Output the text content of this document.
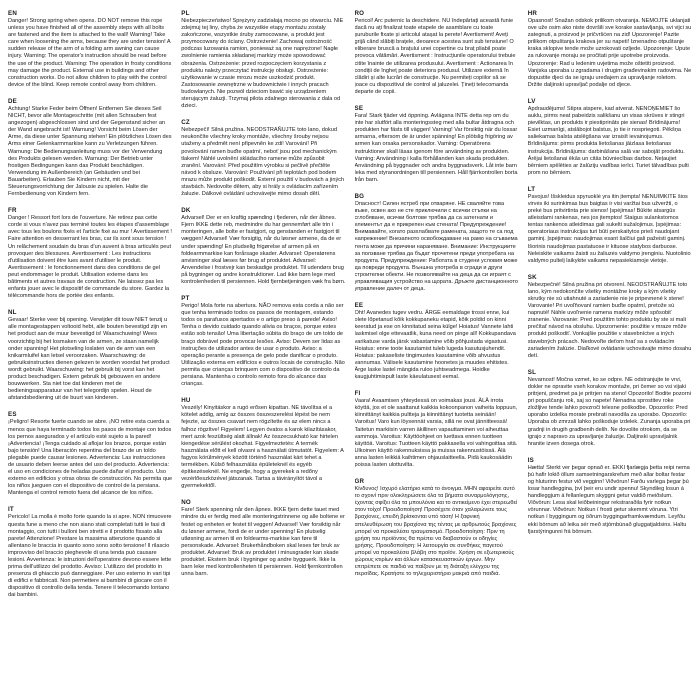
EN

Danger! Strong spring when opens. DO NOT remove this rope unless you have finished all of the assembly steps with all bolts are fastened and the item is attached to the wall! Warning! Take care when loosening the arms, because they are under tension! A sudden release of the arm of a folding arm awning can cause injury. Warning: The operator's instruction should be read before the use of the product. Warning: The operation in frosty conditions may damage the product. External use in buildings and other construction works. Do not allow children to play with the control device of the blind. Keep remote control away from children.

DE

Achtung! Starke Feder beim Öffnen! Entfernen Sie dieses Seil NICHT, bevor alle Montageschritte (mit allen Schrauben fest angezogen) abgeschlossen sind und der Gegenstand sicher an der Wand angebracht ist! Warnung! Vorsicht beim Lösen der Arme, da diese unter Spannung stehen! Ein plötzliches Lösen des Arms einer Gelenkarmmarkise kann zu Verletzungen führen. Warnung: Die Bedienungsanleitung muss vor der Verwendung des Produkts gelesen werden. Warnung: Der Betrieb unter frostigen Bedingungen kann das Produkt beschädigen. Verwendung im Außenbereich (an Gebäuden und bei Bauarbeiten). Erlauben Sie Kindern nicht, mit der Steuerungsvorrichtung der Jalousie zu spielen. Halte die Fernbedienung von Kindern fern.

FR

Danger ! Ressort fort lors de l'ouverture. Ne retirez pas cette corde si vous n'avez pas terminé toutes les étapes d'assemblage avec tous les boulons fixés et l'article fixé au mur ! Avertissement ! Faire attention en desserrant les bras, car ils sont sous tension ! Un relâchement soudain du bras d'un auvent à bras articulés peut provoquer des blessures. Avertissement : Les instructions d'utilisation doivent être lues avant d'utiliser le produit. Avertissement : le fonctionnement dans des conditions de gel peut endommager le produit. Utilisation externe dans les bâtiments et autres travaux de construction. Ne laissez pas les enfants jouer avec le dispositif de commande du store. Gardez la télécommande hors de portée des enfants.

NL

Gevaar! Sterke veer bij opening. Verwijder dit touw NIET tenzij u alle montagestappen voltooid hebt, alle bouten bevestigd zijn en het product aan de muur bevestigd is! Waarschuwing! Wees voorzichtig bij het losmaken van de armen, ze staan namelijk onder spanning! Het plotseling loslaten van de arm van een knikarmluifel kan letsel veroorzaken. Waarschuwing: de gebruiksinstructies dienen gelezen te worden voordat het product wordt gebruikt. Waarschuwing: het gebruik bij vorst kan het product beschadigen. Extern gebruik bij gebouwen en andere bouwwerken. Sta niet toe dat kinderen met de bedieningsapparatuur van het telegordijn spelen. Houd de afstandsbediening uit de buurt van kinderen.

ES

¡Peligro! Resorte fuerte cuando se abre. ¡NO retire esta cuerda a menos que haya terminado todos los pasos de montaje con todos los pernos asegurados y el artículo esté sujeto a la pared! ¡Advertencia! ¡Tenga cuidado al aflojar los brazos, porque están bajo tensión! Una liberación repentina del brazo de un toldo plegable puede causar lesiones. Advertencia: Las instrucciones de usuario deben leerse antes del uso del producto. Advertencia: el uso en condiciones de heladas puede dañar el producto. Uso externo en edificios y otras obras de construcción. No permita que los niños jueguen con el dispositivo de control de la persiana. Mantenga el control remoto fuera del alcance de los niños.

IT

Pericolo! La molla è molto forte quando la si apre. NON rimuovere questa fune a meno che non siano stati completati tutti le fasi di montaggio, con tutti i bulloni ben stretti e il prodotto fissato alla parete! Attenzione! Prestare la massima attenzione quando si allentano le braccia in quanto sono sono sotto tensione! Il rilascio improvviso del braccio pieghevole di una tenda può causare lesioni. Avvertenza: le istruzioni dell'operatore devono essere lette prima dell'utilizzo del prodotto. Avviso: L'utilizzo del prodotto in presenza di ghiaccio può danneggiare. Per uso esterno in vari tipi di edifici e fabbricati. Non permettere ai bambini di giocare con il dispositivo di controllo della tenda. Tenere il telecomando lontano dai bambini.

PL

Niebezpieczeństwo! Sprężyny zadziałają mocno po otwarciu. NIE zdejmuj tej liny, chyba że wszystkie etapy montażu zostały zakończone, wszystkie śruby zamocowane, a produkt jest przymocowany do ściany. Ostrzeżenie! Zachowaj ostrożność podczas luzowania ramion, ponieważ są one naprężone! Nagłe zwolnienie ramienia składanej markizy może spowodować obrażenia. Ostrzeżenie: przed rozpoczęciem korzystania z produktu należy przeczytać instrukcję obsługi. Ostrzeżenie: użytkowanie w czasie mrozu może uszkodzić produkt. Zastosowanie zewnętrzne w budownictwie i innych pracach budowlanych. Nie pozwól dzieciom bawić się urządzeniem sterującym żaluzji. Trzymaj pilota zdalnego sterowania z dala od dzieci.

CZ

Nebezpečí! Silná pružina. NEODSTRAŇUJTE toto lano, dokud neukončíte všechny kroky montáže, všechny šrouby nejsou utaženy a předmět není připevněn ke zdi! Varování! Při povolování ramen buďte opatrní, neboť jsou pod mechanickým tlakem! Náhlé uvolnění skládacího ramene může způsobit zranění. Varování: Před použitím výrobku si pečlivě přečtěte návod k obsluze. Varování: Používání při teplotách pod bodem mrazu může produkt poškodit. Externí použití v budovách a jiných stavbách. Nedovolte dětem, aby si hrály s ovládacím zařízením žaluzie. Dálkové ovládání uchovávejte mimo dosah dětí.

DK

Advarsel! Der er en kraftig spænding i fjederen, når der åbnes. Fjern IKKE dette reb, medmindre du har gennemført alle trin i monteringen, alle bolte er fastgjort, og genstanden er fastgjort til væggen! Advarsel! Vær forsigtig, når du løsner armene, da de er under spænding! En pludselig frigørelse af armen på en foldearmmarkise kan forårsage skader. Advarsel: Operatørens anvisninger skal læses før brug af produktet. Advarsel: Anvendelse i frostvejr kan beskadige produktet. Til udendørs brug på bygninger og andre konstruktioner. Lad ikke børn lege med kontrolenheden til persiennen. Hold fjernbetjeningen væk fra børn.

PT

Perigo! Mola forte na abertura. NÃO remova esta corda a não ser que tenha terminado todos os passos de montagem, estando todos os parafusos apertados e o artigo preso à parede! Aviso! Tenha o devido cuidado quando alivia os braços, porque estes estão sob tensão! Uma libertação súbita do braço de um toldo de braço dobrável pode provocar lesões. Aviso: Devem ser lidas as instruções de utilizador antes de usar o produto. Aviso: a operação perante a presença de gelo pode danificar o produto. Utilização externa em edifícios e outros locais de construção. Não permita que crianças brinquem com o dispositivo de controlo da persiana. Mantenha o controlo remoto fora do alcance das crianças.

HU

Veszély! Kinyitáskor a rugó erősen kipattan. NE távolítsa el a kötelet addig, amíg az összes összeszerelési lépést be nem fejezte, az összes csavart nem rögzítette és az elem nincs a falhoz rögzítve! Figyelem! Legyen óvatos a karok kilazításakor, mert azok feszültség alatt állnak! Az összecsukható kar hirtelen kiengedése sérülést okozhat. Figyelmeztetés: A termék használata előtt el kell olvasni a használati útmutatót. Figyelem: A fagyos körülmények között történő használat kárt tehet a termékben. Külső felhasználás épületeknél és egyéb építkezéseknél. Ne engedje, hogy a gyerekek a redőny vezérlőeszközével játszanak. Tartsa a távirányítót távol a gyermekektől.

NO

Fare! Sterk spenning når den åpnes. IKKE fjern dette tauet med mindre du er ferdig med alle monteringstrinnene og alle boltene er festet og enheten er festet til veggen! Advarsel! Vær forsiktig når du løsner armene, fordi de er under spenning! En plutselig utløsning av armen til en foldearms-markise kan føre til personskade. Advarsel: Brukerhåndboken skal leses før bruk av produktet. Advarsel: Bruk av produktet i minusgrader kan skade produktet. Ekstern bruk i bygninger og andre bygguerk. Ikke la barn leke med kontrollenheten til persiennen. Hold fjernkontrollen unna barn.

RO

Pericol! Arc puternic la deschidere. NU îndepărtați această funie dacă nu ați finalizat toate etapele de asamblare cu toate șuruburile fixate și articolul atașat la perete! Avertisment! Aveți grijă când slăbiți brațele, deoarece acestea sunt sub tensiune! O eliberare bruscă a brațului unei copertine cu braț pliabil poate provoca vătămări. Avertisment : Instrucțiunile operatorului trebuie citite înainte de utilizarea produsului. Avertisment : Actionarea în condiții de îngheț poate deteriora produsul. Utilizare externă în clădiri și alte lucrări de construcție. Nu permiteți copiilor să se joace cu dispozitivul de control al jaluzelei. Țineți telecomanda departe de copii.

SE

Fara! Stark fjäder vid öppning. Avlägsna INTE detta rep om du inte har slutfört alla monteringssteg med alla bultar åtdragna och produkten har fästs till väggen! Varning! Var försiktig när du lossar armarna, eftersom de är under spänning! En plötslig frigöring av armen kan orsaka personskador. Varning: Operatörens instruktioner skall läsas igenom före användning av produkten. Varning: Användning i kalla förhållanden kan skada produkten. Användning på byggnader och andra byggnadsverk. Låt inte barn leka med styranordningen till persiennen. Håll fjärrkontrollen borta från barn.

BG

Опасност! Силен ястреб при отваряне. НЕ сваляйте това въже, освен ако не сте приключили с всички стъпки на сглобяване, всички болтове трябва да са затегнати и елементът да е прикрепен към стената! Предупреждение! Внимавайте, когато разхлабвате рамената, защото те са под напрежение! Внезапното освобождаване на рамо на сгъваема тента може да причини нараняване. Внимание: Инструкциите за ползване трябва да бъдат прочетени преди употребата на продукта. Предупреждение: Работата в студени условия може да повреди продукта. Външна употреба в сгради и други строителни обекти. Не позволявайте на деца да си играят с управляващия устройство на щората. Дръжте дистанционното управление далеч от деца.

EE

Oht! Avanedes tugev vedru. ÄRGE eemaldage trossi enne, kui olete lõpetanud kõik kokkupaneku etapid, kõik poldid on kinni keeratud ja ese on kinnitatud seina külge! Hoiatus! Vannete lahti laskmisel olge ettevaatlik, kuna need on pinge all! Kokkupandava varikatuse varda järsk vabastamine võib põhjustada vigastusi. Hoiatus: enne toote kasutamist tuleb lugeda kasutusjuhendit. Hoiatus: pakaseliste tingimustes kasutamine võib ahvustus vannumas. Välisele kasutamine hoonetes ja muudes ehitistes. Ärge laske lastel mängida ruloo juhtseadmega. Hoidke kaugjuhtimispult laste käeulatusest eemal.

FI

Vaara! Avaamisen yhteydessä on voimakas jousi. ÄLÄ irrota köyttä, jos et ole saattanut kaikkia kokoonpanon vaiheita loppuun, kiinnittänyt kaikkia pultteja ja kiinnittänyt tuotetta seinään! Varoitus! Varo kun löysennät varsia, sillä ne ovat jännitteessä! Taitetun markiisin varren äkillinen vapauttaminen voi aiheuttaa vammoja. Varoitus: Käyttöohjeet on luettava ennen tuotteen käyttöä. Varoitus: Tuotteen käyttö pakkasella voi vahingoittaa sitä. Ulkoinen käyttö rakennuksissa ja muissa rakennustöissä. Älä anna lasten leikkiä kaihtimen ohjauslaitteella. Pidä kaukosäädin poissa lasten ulottuvilta.

GR

Κίνδυνος! Ισχυρό ελατήριο κατά το άνοιγμα. ΜΗΝ αφαιρείτε αυτό το σχοινί πριν ολοκληρώσετε όλα τα βήματα συναρμολόγησης, έχοντας σφίξει όλα τα μπουλόνια και το αντικείμενο έχει στερεωθεί στον τοίχο! Προειδοποίηση! Προσέχετε όταν χαλαρώνετε τους βραχίονες, επειδή βρίσκονται υπό τάση! Η ξαφνική απελευθέρωση του βραχίονα της τέντας με αρθρωτούς βραχίονες μπορεί να προκαλέσει τραυματισμό. Προειδοποίηση: Πριν τη χρήση του προϊόντος θα πρέπει να διαβαστούν οι οδηγίες χρήσης. Προειδοποίηση: Η λειτουργία σε συνθήκες παγετού μπορεί να προκαλέσει βλάβη στο προϊόν. Χρήση σε εξωτερικούς χώρους κτιρίων και άλλων κατασκευαστικών έργων. Μην επιτρέπετε σε παιδιά να παίζουν με τη διάταξη ελέγχου της περσίδας. Κρατήστε το τηλεχειριστήριο μακριά από παιδιά.

HR

Opasnost! Snažan odskok prilikom otvaranja. NEMOJTE uklanjati ove uže osim ako niste dovršili sve korake sastavljanja, svi vijci su zategnuti, a proizvod je pričvršćen na zid! Upozorenje! Pazite prilikom otpuštanja krakova jer su napeti! Iznenadno otpuštanje kraka sklopive tende može uzrokovati ozljede. Upozorenje: Upute za rukovanje moraju se pročitati prije upotrebe proizvoda. Upozorenje: Rad u ledenim uvjetima može oštetiti proizvod. Vanjska uporaba u zgradama i drugim građevinskim radovima. Ne dopustite djeci da se igraju uređajem za upravljanje roletom. Držite daljinski upravljač podalje od djece.

LV

Apdraudējums! Stipra atspere, kad atverat. NENOŅEMIET šo auklu, pirms neat pabeidzis salikšanu un visas skrūves ir stingri pievilktas, un produkts ir piestiprināts pie sienas! Brīdinājums! Esiet uzmanīgi, atslābojot balstus, jo tie ir nospriegoti. Pēkšņa saliekamas balsta atslēgšana var izraisīt ievainojumus. Brīdinājums: pirms produkta lietošanas jāizlasa lietošanas instrukcija. Brīdinājums: darbināšana salā var sabojāt produktu. Ārējai lietošanai ēkās un citās būvniecības darbos. Neļaujiet bērniem spēlēties ar žalūziju vadības ierīci. Turiet tālvadības pulti prom no bērniem.

LT

Pavojus! Išskleidus spyruoklė yra itin įtempta! NENUIMKITE šios virvės iki surinkimas bus baigtas ir visi varžtai bus užveržti, o prekė bus pritvirtinta prie sienos! Įspėjimas! Būkite atsargūs atleisdami rankenas, nes jos įtemptos! Staigus sulankstomos tentas rankenos atleidimas gali sukelti sužalojimus. Įspėjimas: operatoriaus instrukcijas turi būti perskaitytos prieš naudojant gaminį. Įspėjimas: naudojimas esant šalčiui gali pažeisti gaminį. Išorinis naudojimas pastatuose ir kituose statybos darbuose. Neleiskite vaikams žaisti su žaliuzės valdymo įrenginiu. Nuotolinio valdymo pultelį laikykite vaikams nepasiekiamoje vietoje.

SK

Nebezpečné! Silná pružina pri otvorení. NEODSTRAŇUJTE toto lano, kým nedokončíte všetky montážne kroky a kým všetky skrutky nie sú utiahnuté a zariadenie nie je pripevnené k stene! Varovanie! Pri uvoľňovaní ramien buďte opatrní, pretože sú napnuté! Náhle uvoľnenie ramena markízy môže spôsobiť zranenie. Varovanie: Pred použitím tohto produktu by ste si mali prečítať návod na obsluhu. Upozornenie: použitie v mraze môže produkt poškodiť. Vonkajšie použitie v stavebníctve a iných stavebných prácach. Nedovoľte deťom hrať sa s ovládacím zariadením žalúzie. Diaľkové ovládanie uchovávajte mimo dosahu detí.

SL

Nevarnost! Močna vzmet, ko se odpre. NE odstranjujte te vrvi, dokler ne opravite vseh korakov montaže, pri čemer so vsi vijaki pritrjeni, predmet pa je pritrjen na steno! Opozorilo! Bodite pozorni pri popuščanju rok, saj so napete! Nenadna sprostitev roke zložljive tende lahko povzroči telesne poškodbe. Opozorilo: Pred uporabo izdelka morate prebrati navodila za uporabo. Opozorilo: Uporaba ob zmrzali lahko poškoduje izdelek. Zunanja uporaba pri gradnji in drugih gradbenih delih. Ne dovolite otrokom, da se igrajo z napravo za upravljanje žaluzije. Daljinski upravljalnik hranite izven dosega otrok.

IS

Hætta! Sterkt ver þegar opnað er. EKKI fjarlægja þetta reipi nema þú hafir lokið öllum samsetningarskrefum með allar boltar festar og hluturinn festur við vegginn! Viðvörun! Farðu varlega þegar þú losar handleggina, því þeir eru undir spennu! Skyndileg losun á handleggjum á fellanlegum skyggni getur valdið meiðslum. Viðvörun: Lesa skal leiðbeiningar rekstraraðila fyrir notkun vörunnar. Viðvörun: Notkun í frosti getur skemmt vöruna. Ytri notkun í byggingum og öðrum byggingarframkvæmdum. Leyfðu ekki börnum að leika sér með stjórnbúnað gluggatjaldsins. Haltu fjarstýringunni frá börnum.
